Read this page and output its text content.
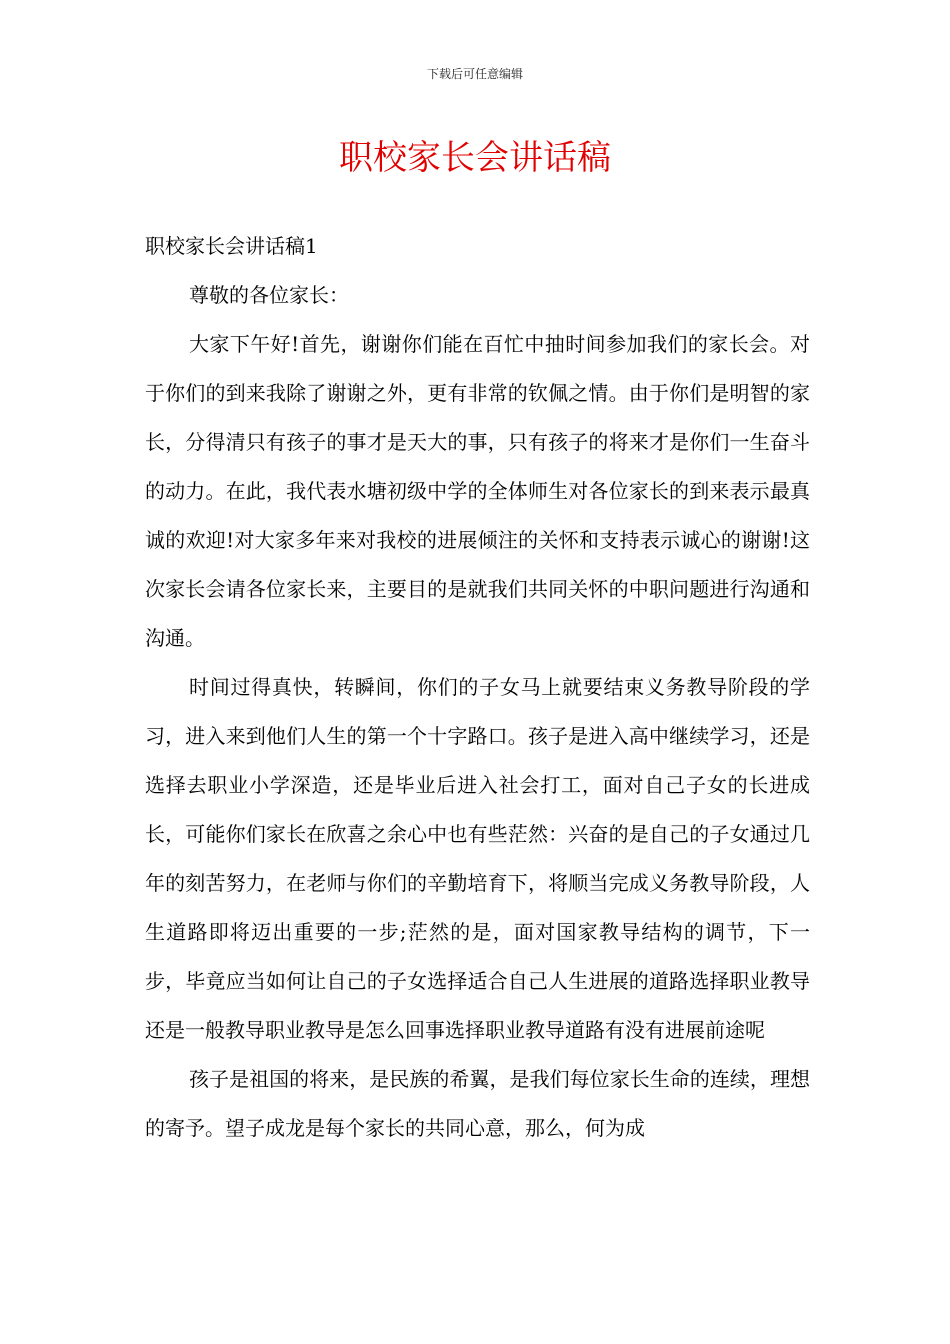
下载后可任意编辑
职校家长会讲话稿

职校家长会讲话稿1

尊敬的各位家长：

大家下午好!首先，谢谢你们能在百忙中抽时间参加我们的家长会。对于你们的到来我除了谢谢之外，更有非常的钦佩之情。由于你们是明智的家长，分得清只有孩子的事才是天大的事，只有孩子的将来才是你们一生奋斗的动力。在此，我代表水塘初级中学的全体师生对各位家长的到来表示最真诚的欢迎!对大家多年来对我校的进展倾注的关怀和支持表示诚心的谢谢!这次家长会请各位家长来，主要目的是就我们共同关怀的中职问题进行沟通和沟通。

时间过得真快，转瞬间，你们的子女马上就要结束义务教导阶段的学习，进入来到他们人生的第一个十字路口。孩子是进入高中继续学习，还是选择去职业小学深造，还是毕业后进入社会打工，面对自己子女的长进成长，可能你们家长在欣喜之余心中也有些茫然：兴奋的是自己的子女通过几年的刻苦努力，在老师与你们的辛勤培育下，将顺当完成义务教导阶段，人生道路即将迈出重要的一步;茫然的是，面对国家教导结构的调节，下一步，毕竟应当如何让自己的子女选择适合自己人生进展的道路选择职业教导还是一般教导职业教导是怎么回事选择职业教导道路有没有进展前途呢

孩子是祖国的将来，是民族的希翼，是我们每位家长生命的连续，理想的寄予。望子成龙是每个家长的共同心意，那么，何为成
